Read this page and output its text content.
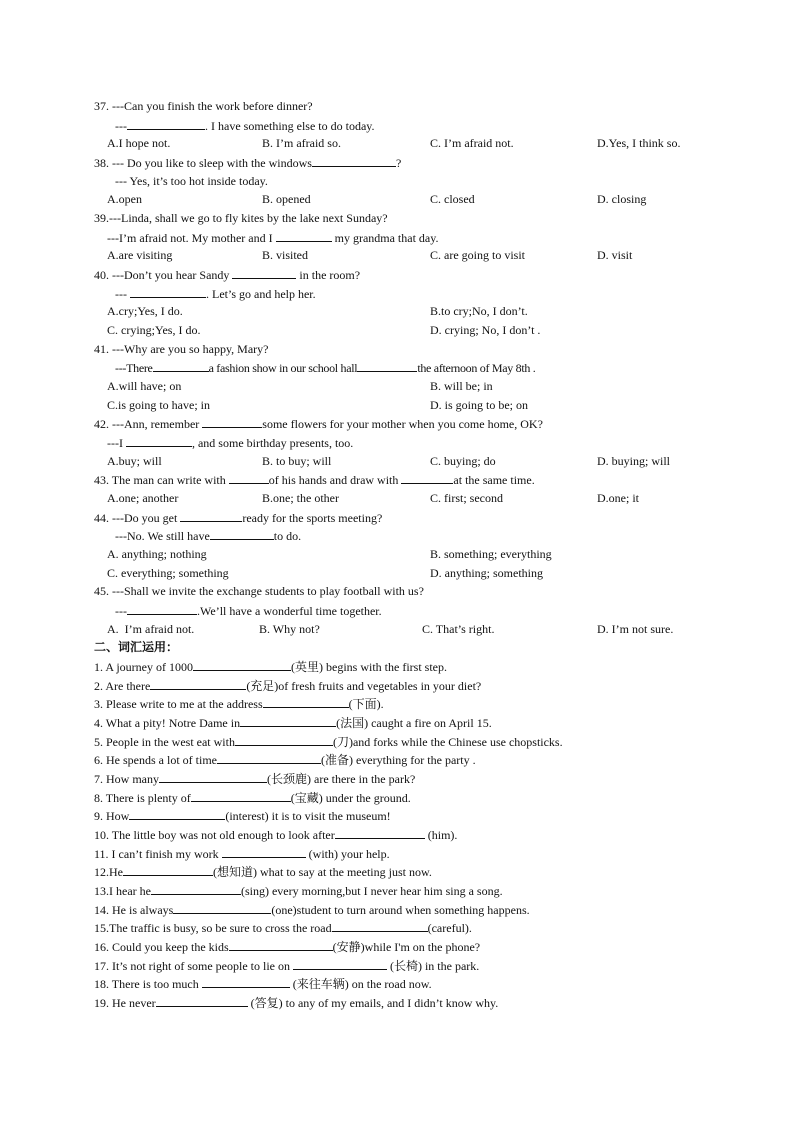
37. ---Can you finish the work before dinner?
---	. I have something else to do today.
A.I hope not.	B. I’m afraid so.	C. I’m afraid not.	D.Yes, I think so.
38. --- Do you like to sleep with the windows	?
--- Yes, it’s too hot inside today.
A.open	B. opened	C. closed	D. closing
39.---Linda, shall we go to fly kites by the lake next Sunday?
---I’m afraid not. My mother and I	my grandma that day.
A.are visiting	B. visited	C. are going to visit	D. visit
40. ---Don’t you hear Sandy	in the room?
---	. Let’s go and help her.
A.cry;Yes, I do.	B.to cry;No, I don’t.
C. crying;Yes, I do.	D. crying; No, I don’t .
41. ---Why are you so happy, Mary?
---There	a fashion show in our school hall	the afternoon of May 8th .
A.will have; on	B. will be; in
C.is going to have; in	D. is going to be; on
42. ---Ann, remember	some flowers for your mother when you come home, OK?
---I	, and some birthday presents, too.
A.buy; will	B. to buy; will	C. buying; do	D. buying; will
43. The man can write with	of his hands and draw with	at the same time.
A.one; another	B.one; the other	C. first; second	D.one; it
44. ---Do you get	ready for the sports meeting?
---No. We still have	to do.
A. anything; nothing	B. something; everything
C. everything; something	D. anything; something
45. ---Shall we invite the exchange students to play football with us?
---	.We’ll have a wonderful time together.
A.  I’m afraid not.	B. Why not?	C. That’s right.	D. I’m not sure.
二、词汇运用：
1. A journey of 1000	(英里) begins with the first step.
2. Are there	(充足)of fresh fruits and vegetables in your diet?
3. Please write to me at the address	(下面).
4. What a pity! Notre Dame in	(法国) caught a fire on April 15.
5. People in the west eat with	(刀)and forks while the Chinese use chopsticks.
6. He spends a lot of time	(准备) everything for the party .
7. How many	(长颈鹿) are there in the park?
8. There is plenty of	(宝藏) under the ground.
9. How	(interest) it is to visit the museum!
10. The little boy was not old enough to look after	(him).
11. I can’t finish my work	(with) your help.
12.He	(想知道) what to say at the meeting just now.
13.I hear he	(sing) every morning,but I never hear him sing a song.
14. He is always	(one)student to turn around when something happens.
15.The traffic is busy, so be sure to cross the road	(careful).
16. Could you keep the kids	(安静)while I'm on the phone?
17. It’s not right of some people to lie on	(长椅) in the park.
18. There is too much	(来往车辆) on the road now.
19. He never	(答复) to any of my emails, and I didn’t know why.
